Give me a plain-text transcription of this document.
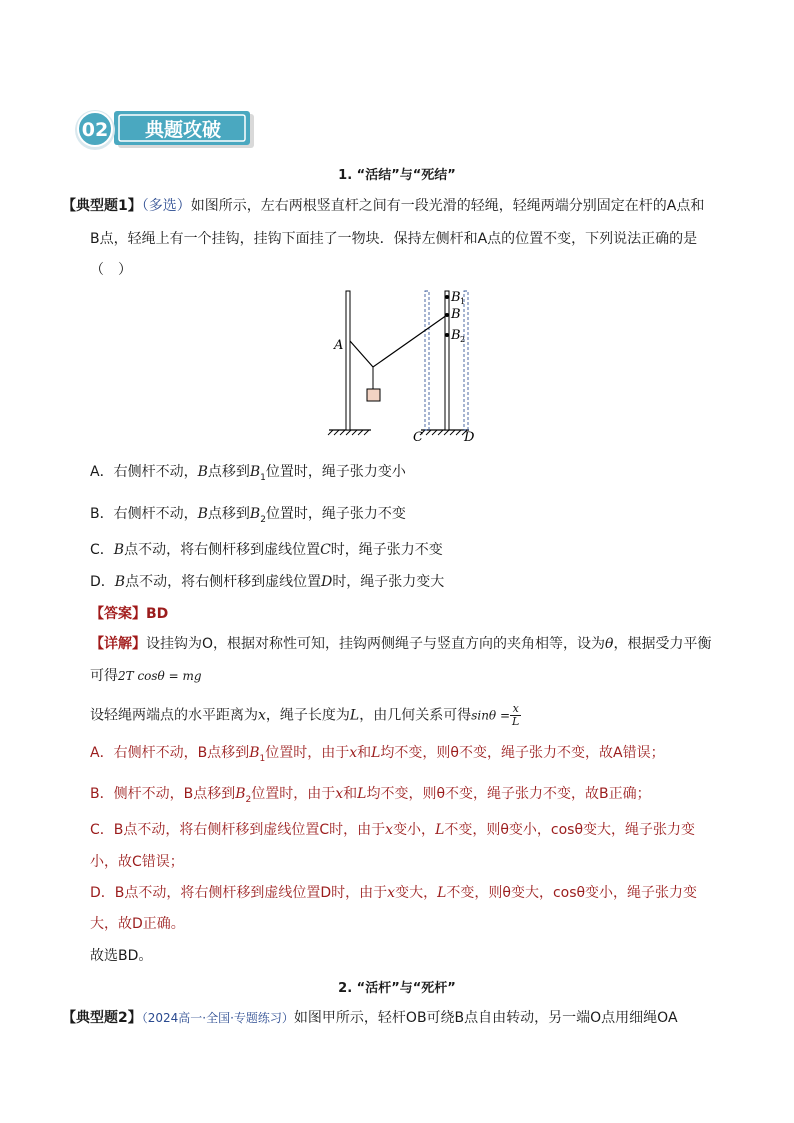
02	典题攻破
1. “活结”与“死结”
【典型题1】（多选）如图所示，左右两根竖直杆之间有一段光滑的轻绳，轻绳两端分别固定在杆的A点和
B点，轻绳上有一个挂钩，挂钩下面挂了一物块．保持左侧杆和A点的位置不变，下列说法正确的是
（　）
A
B 1
B
B 2
C	D
A．右侧杆不动，B点移到$B_1$位置时，绳子张力变小
B．右侧杆不动，B点移到$B_2$位置时，绳子张力不变
C．B点不动，将右侧杆移到虚线位置C时，绳子张力不变
D．B点不动，将右侧杆移到虚线位置D时，绳子张力变大
【答案】BD
【详解】设挂钩为O，根据对称性可知，挂钩两侧绳子与竖直方向的夹角相等，设为θ，根据受力平衡
可得2T cosθ = mg
设轻绳两端点的水平距离为x，绳子长度为L，由几何关系可得$\sin\theta = \frac{x}{L}$
A．右侧杆不动，B点移到$B_1$位置时，由于x和L均不变，则θ不变，绳子张力不变，故A错误；
B．侧杆不动，B点移到$B_2$位置时，由于x和L均不变，则θ不变，绳子张力不变，故B正确；
C．B点不动，将右侧杆移到虚线位置C时，由于x变小，L不变，则θ变小，cosθ变大，绳子张力变
小，故C错误；
D．B点不动，将右侧杆移到虚线位置D时，由于x变大，L不变，则θ变大，cosθ变小，绳子张力变
大，故D正确。
故选BD。
2. “活杆”与“死杆”
【典型题2】（2024高一·全国·专题练习）如图甲所示，轻杆OB可绕B点自由转动，另一端O点用细绳OA
